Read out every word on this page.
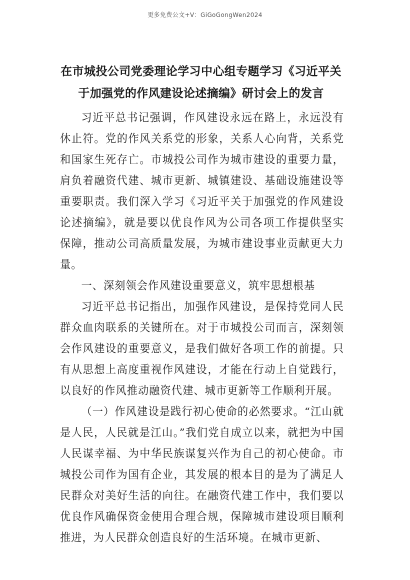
更多免费公文+V：GiGoGongWen2024
在市城投公司党委理论学习中心组专题学习《习近平关于加强党的作风建设论述摘编》研讨会上的发言

习近平总书记强调，作风建设永远在路上，永远没有休止符。党的作风关系党的形象，关系人心向背，关系党和国家生死存亡。市城投公司作为城市建设的重要力量，肩负着融资代建、城市更新、城镇建设、基础设施建设等重要职责。我们深入学习《习近平关于加强党的作风建设论述摘编》，就是要以优良作风为公司各项工作提供坚实保障，推动公司高质量发展，为城市建设事业贡献更大力量。

一、深刻领会作风建设重要意义，筑牢思想根基

习近平总书记指出，加强作风建设，是保持党同人民群众血肉联系的关键所在。对于市城投公司而言，深刻领会作风建设的重要意义，是我们做好各项工作的前提。只有从思想上高度重视作风建设，才能在行动上自觉践行，以良好的作风推动融资代建、城市更新等工作顺利开展。

（一）作风建设是践行初心使命的必然要求。“江山就是人民，人民就是江山。”我们党自成立以来，就把为中国人民谋幸福、为中华民族谋复兴作为自己的初心使命。市城投公司作为国有企业，其发展的根本目的是为了满足人民群众对美好生活的向往。在融资代建工作中，我们要以优良作风确保资金使用合理合规，保障城市建设项目顺利推进，为人民群众创造良好的生活环境。在城市更新、
